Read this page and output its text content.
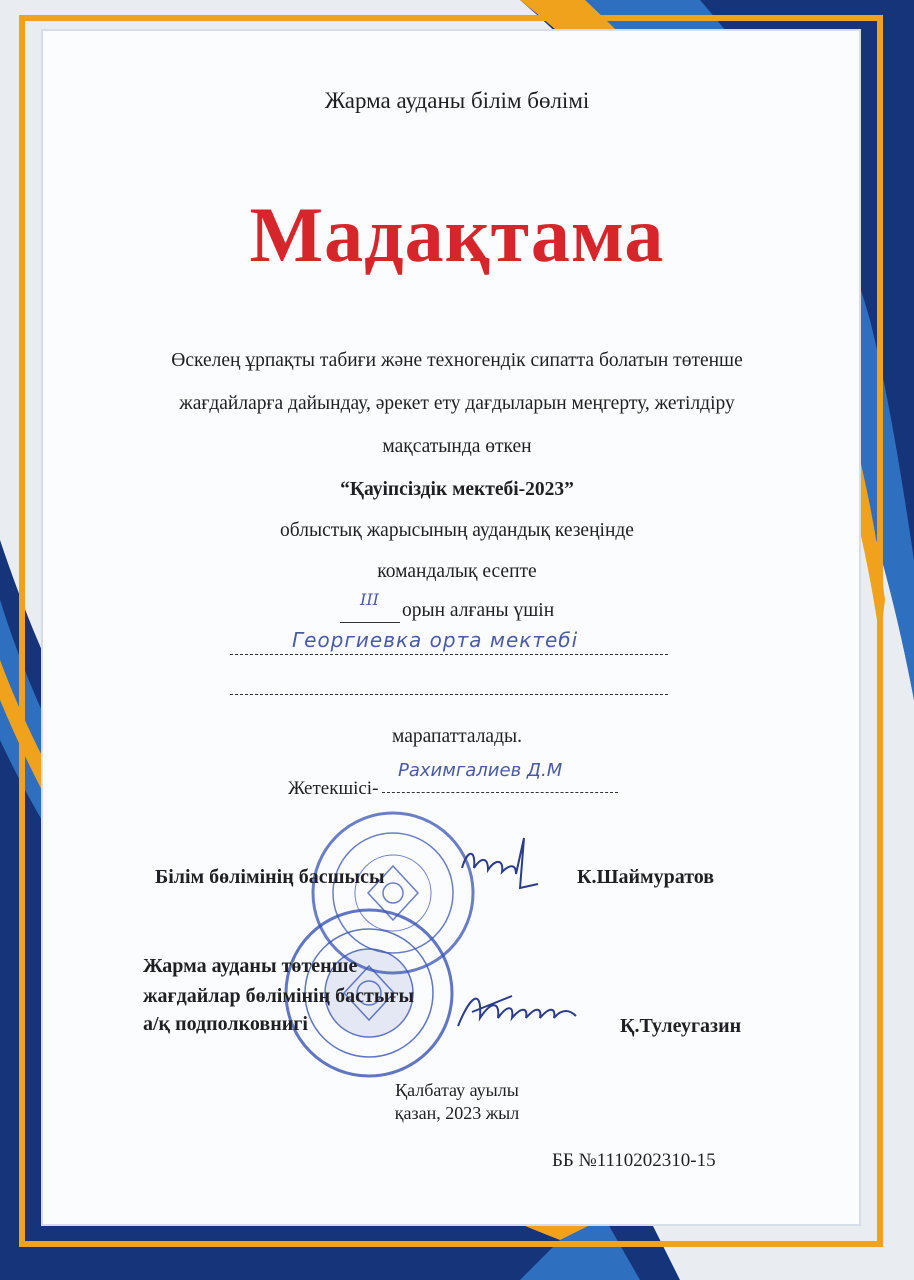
Жарма ауданы білім бөлімі
Мадақтама
Өскелең ұрпақты табиғи және техногендік сипатта болатын төтенше
жағдайларға дайындау, әрекет ету дағдыларын меңгерту, жетілдіру
мақсатында өткен
“Қауіпсіздік мектебі-2023”
облыстық жарысының аудандық кезеңінде
командалық есепте
III
орын алғаны үшін
Георгиевка орта мектебі
марапатталады.
Рахимгалиев Д.М
Жетекшісі-
Білім бөлімінің басшысы	К.Шаймуратов
Жарма ауданы төтенше
жағдайлар бөлімінің бастығы
а/қ подполковнигі	Қ.Тулеугазин
Қалбатау ауылы
қазан, 2023 жыл
ББ №1110202310-15
